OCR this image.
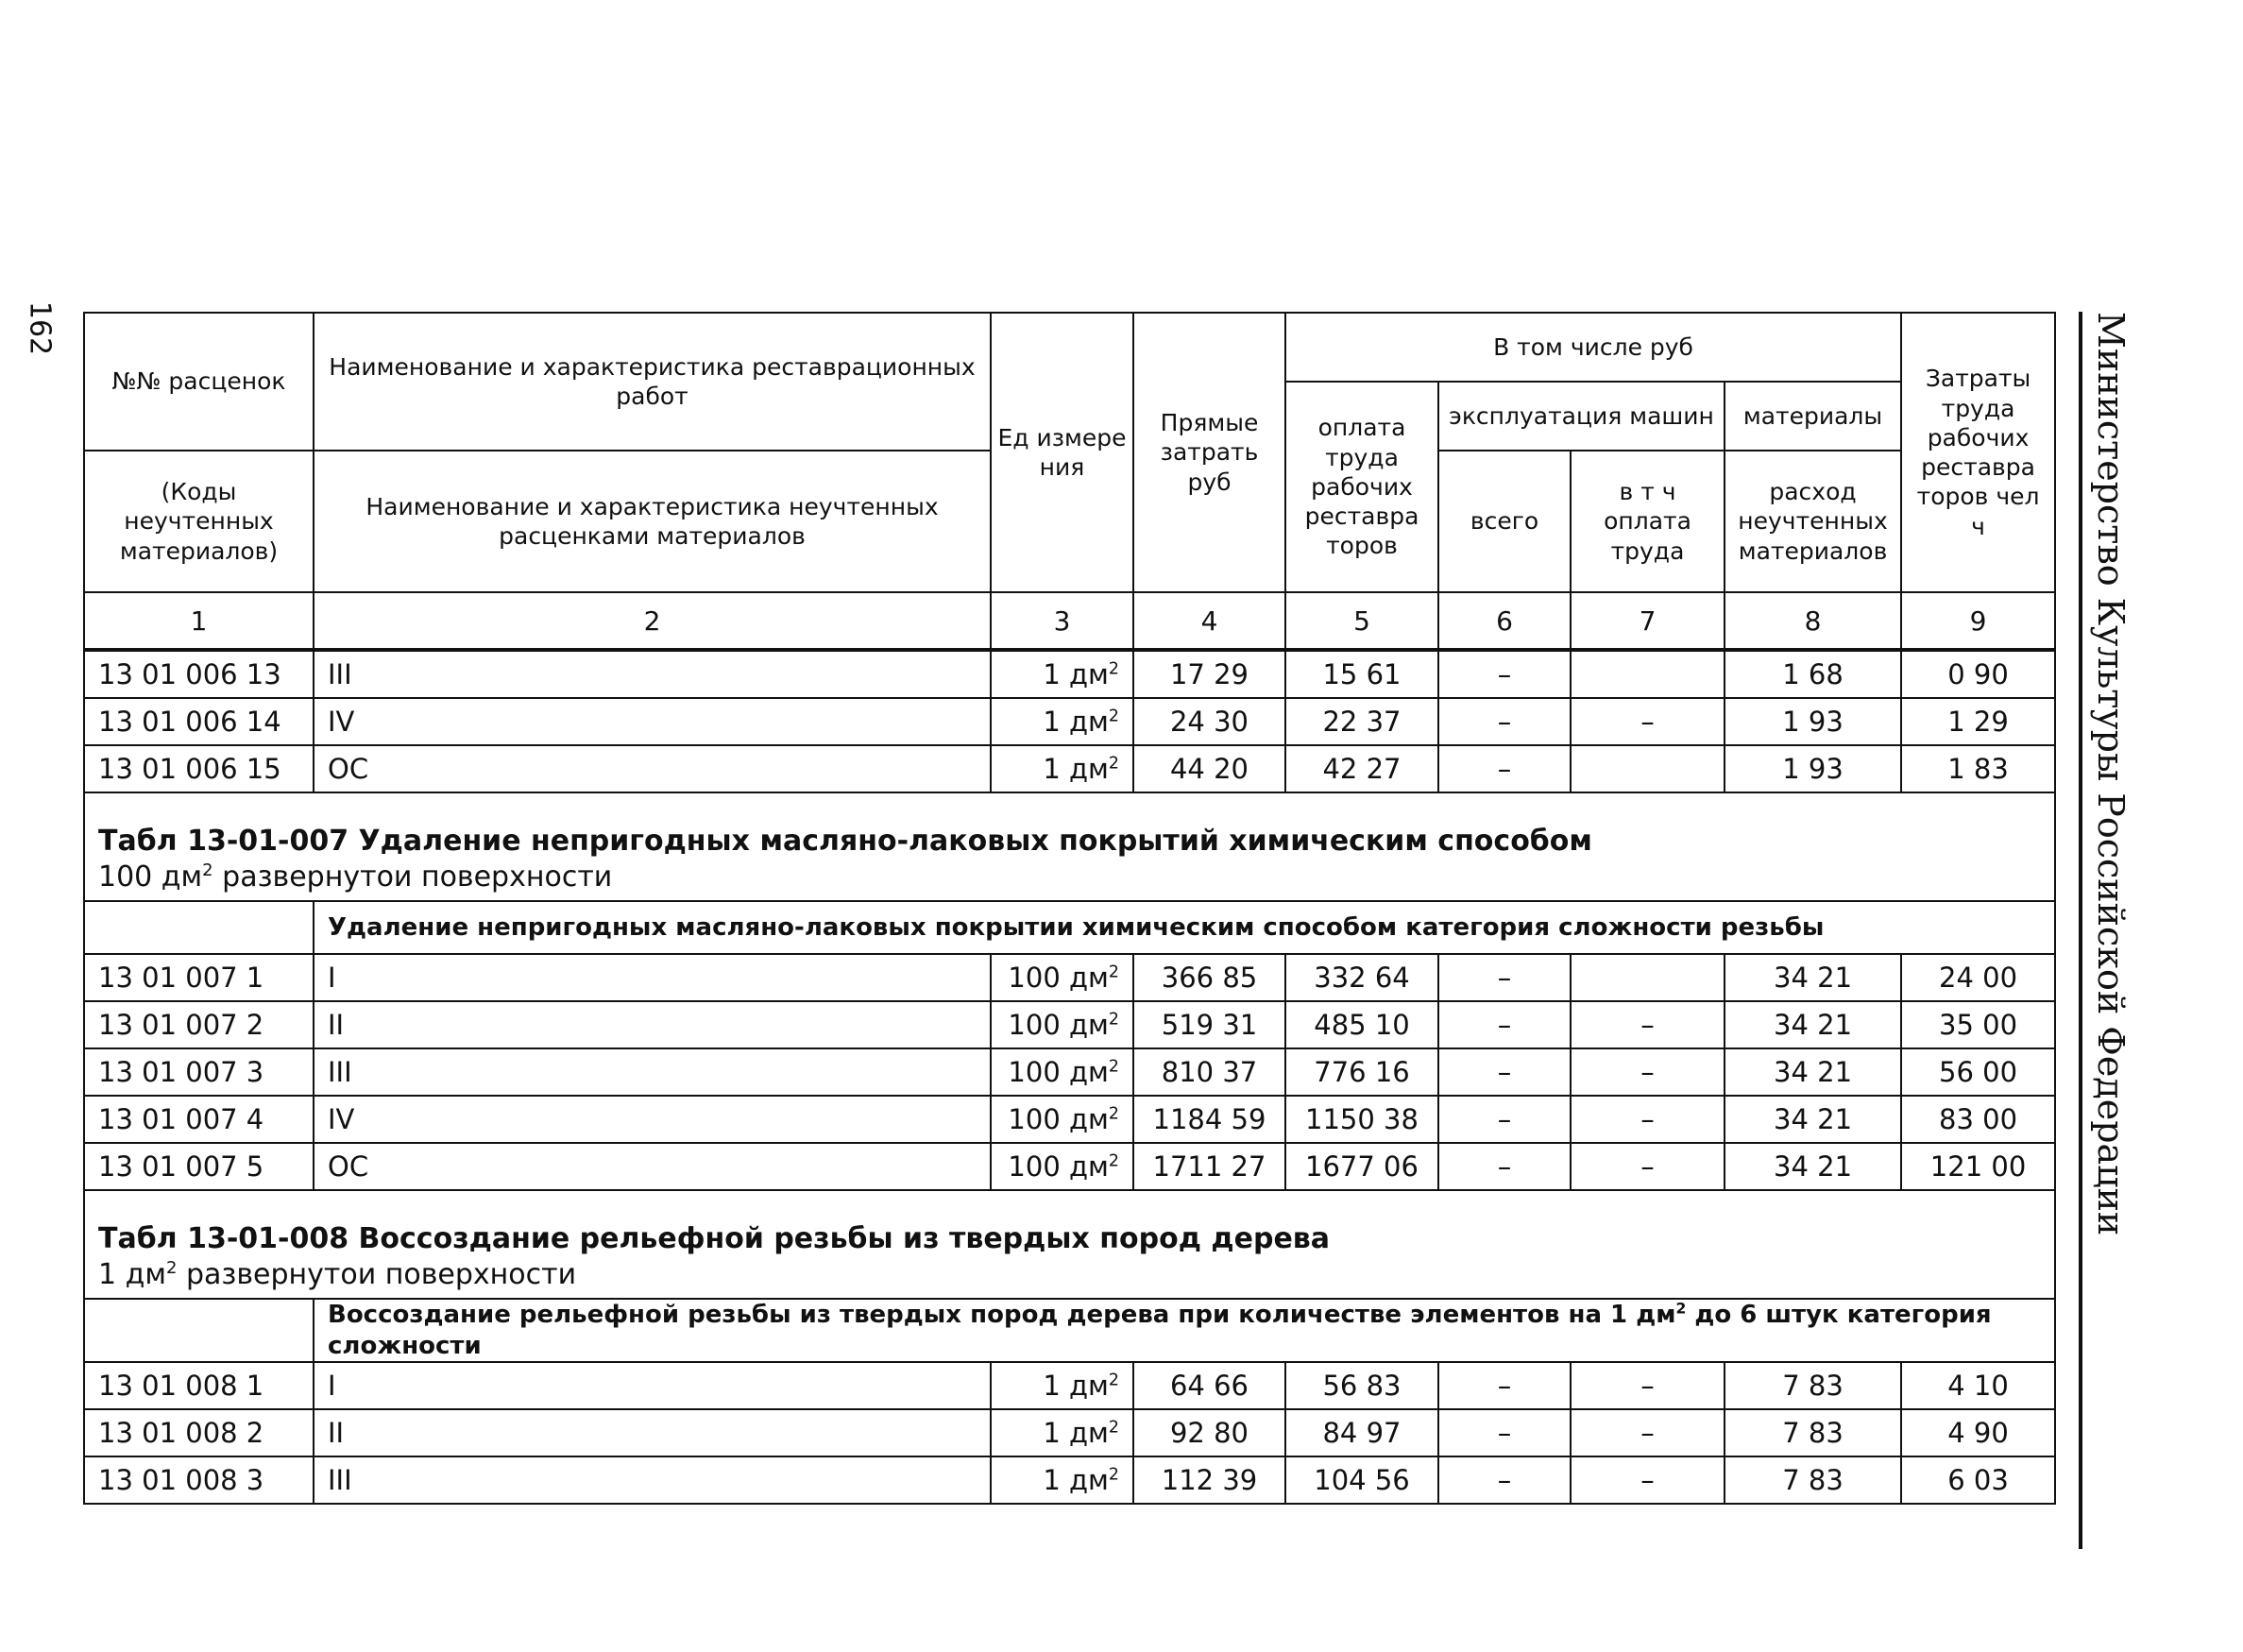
162	Министерство Культуры Российской Федерации
№№ расценок	Наименование и характеристика реставрационных работ	Ед измере ния	Прямые затрать руб	В том числе руб				Затраты труда рабочих реставра торов чел ч
				оплата труда рабочих реставра торов	эксплуатация машин		материалы	
(Коды неучтенных материалов)	Наименование и характеристика неучтенных расценками материалов				всего	в т ч оплата труда	расход неучтенных материалов	

1	2	3	4	5	6	7	8	9
13 01 006 13	III	1 $дм^2$	17 29	15 61	–		1 68	0 90
13 01 006 14	IV	1 $дм^2$	24 30	22 37	–	–	1 93	1 29
13 01 006 15	ОС	1 $дм^2$	44 20	42 27	–		1 93	1 83

Табл 13-01-007 Удаление непригодных масляно-лаковых покрытий химическим способом
100 $дм^2$ развернутои поверхности								

	Удаление непригодных масляно-лаковых покрытии химическим способом категория сложности резьбы							
13 01 007 1	I	100 $дм^2$	366 85	332 64	–		34 21	24 00
13 01 007 2	II	100 $дм^2$	519 31	485 10	–	–	34 21	35 00
13 01 007 3	III	100 $дм^2$	810 37	776 16	–	–	34 21	56 00
13 01 007 4	IV	100 $дм^2$	1184 59	1150 38	–	–	34 21	83 00
13 01 007 5	ОС	100 $дм^2$	1711 27	1677 06	–	–	34 21	121 00

Табл 13-01-008 Воссоздание рельефной резьбы из твердых пород дерева
1 $дм^2$ развернутои поверхности								

	Воссоздание рельефной резьбы из твердых пород дерева при количестве элементов на 1 $дм^2$ до 6 штук категория сложности							
13 01 008 1	I	1 $дм^2$	64 66	56 83	–	–	7 83	4 10
13 01 008 2	II	1 $дм^2$	92 80	84 97	–	–	7 83	4 90
13 01 008 3	III	1 $дм^2$	112 39	104 56	–	–	7 83	6 03
